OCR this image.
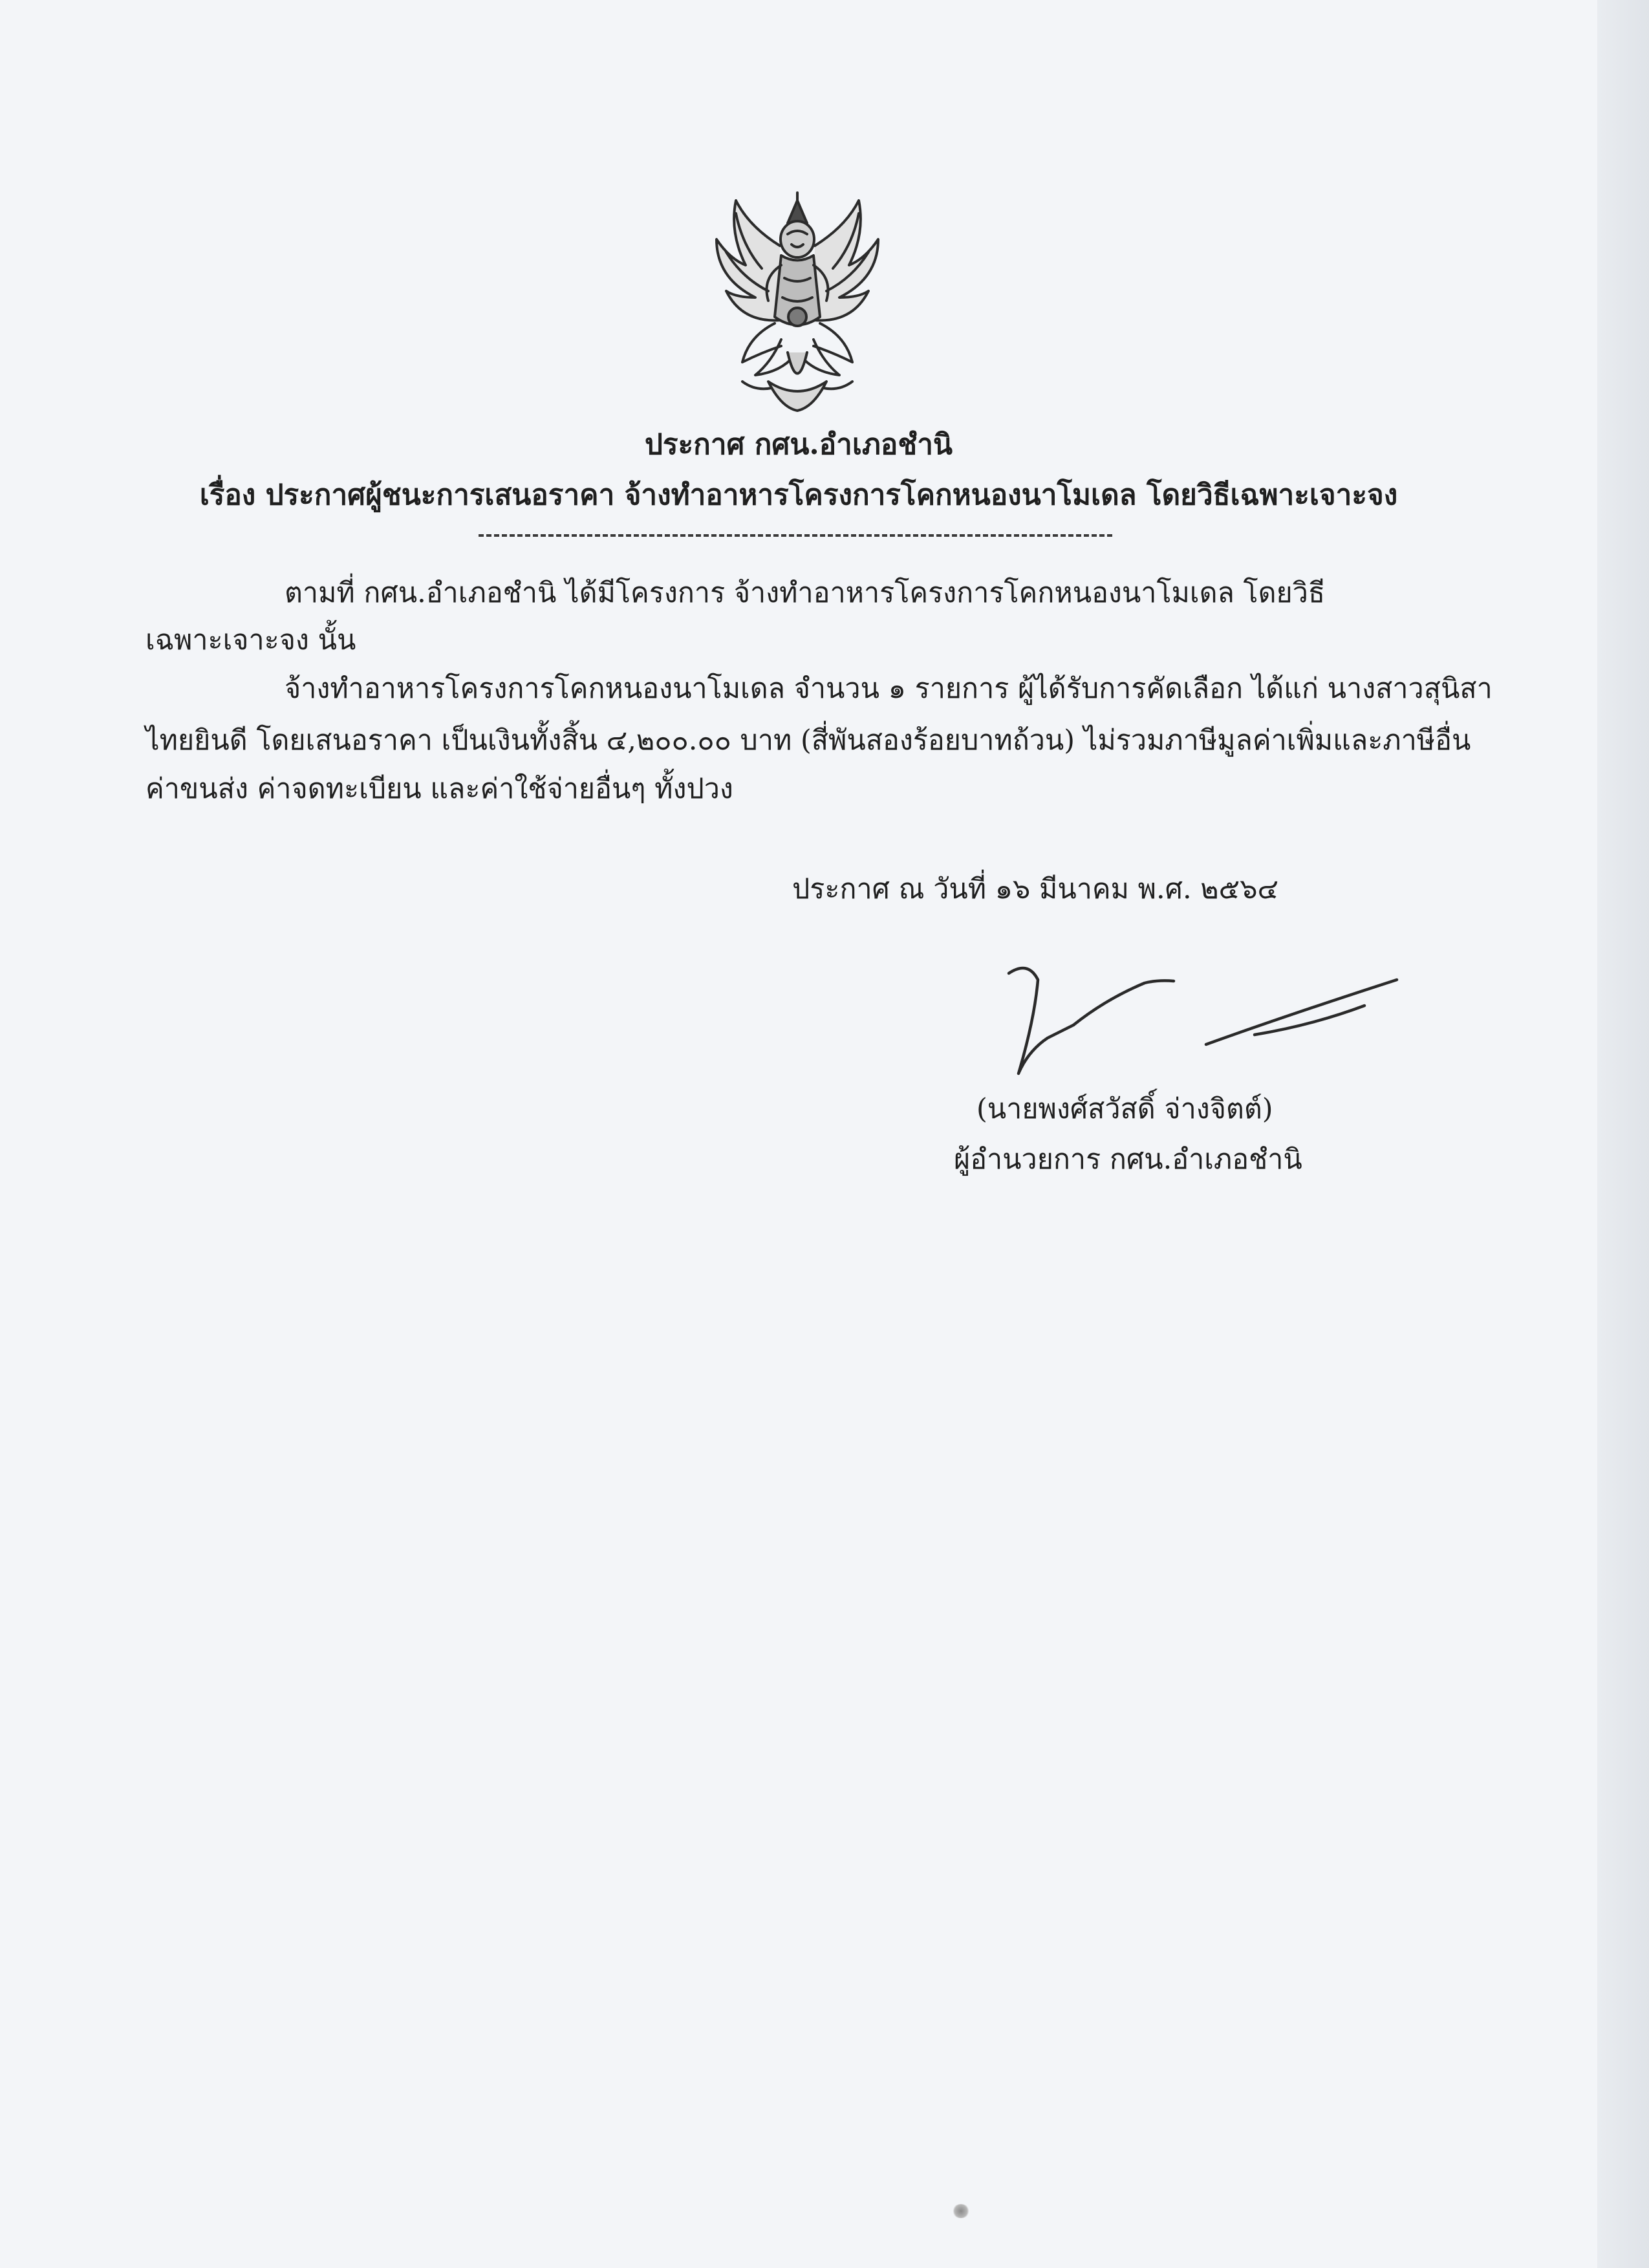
ประกาศ กศน.อำเภอชำนิ
เรื่อง ประกาศผู้ชนะการเสนอราคา จ้างทำอาหารโครงการโคกหนองนาโมเดล โดยวิธีเฉพาะเจาะจง
ตามที่ กศน.อำเภอชำนิ ได้มีโครงการ จ้างทำอาหารโครงการโคกหนองนาโมเดล โดยวิธี
เฉพาะเจาะจง นั้น
จ้างทำอาหารโครงการโคกหนองนาโมเดล จำนวน ๑ รายการ ผู้ได้รับการคัดเลือก ได้แก่ นางสาวสุนิสา
ไทยยินดี โดยเสนอราคา เป็นเงินทั้งสิ้น ๔,๒๐๐.๐๐ บาท (สี่พันสองร้อยบาทถ้วน) ไม่รวมภาษีมูลค่าเพิ่มและภาษีอื่น
ค่าขนส่ง ค่าจดทะเบียน และค่าใช้จ่ายอื่นๆ ทั้งปวง
ประกาศ ณ วันที่ ๑๖ มีนาคม พ.ศ. ๒๕๖๔
(นายพงศ์สวัสดิ์ จ่างจิตต์)
ผู้อำนวยการ กศน.อำเภอชำนิ
